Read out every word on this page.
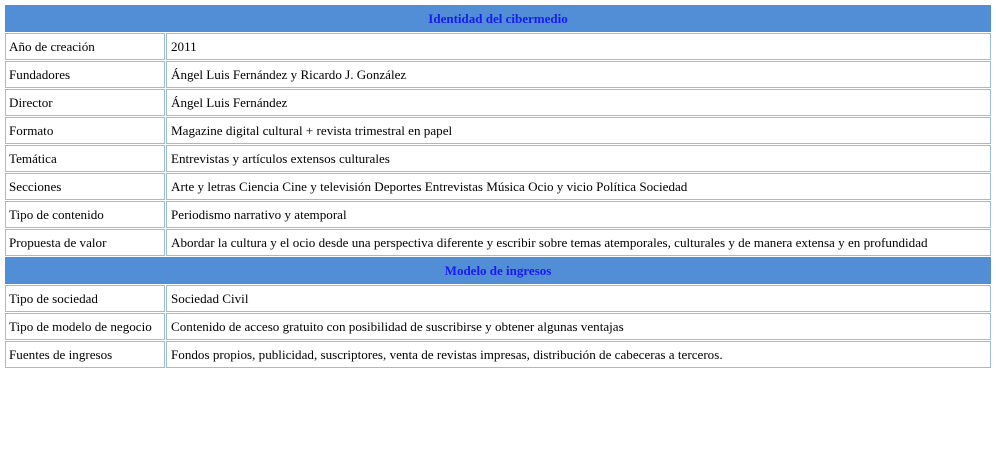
Identidad del cibermedio	
Año de creación	2011
Fundadores	Ángel Luis Fernández y Ricardo J. González
Director	Ángel Luis Fernández
Formato	Magazine digital cultural + revista trimestral en papel
Temática	Entrevistas y artículos extensos culturales
Secciones	Arte y letras Ciencia Cine y televisión Deportes Entrevistas Música Ocio y vicio Política Sociedad
Tipo de contenido	Periodismo narrativo y atemporal
Propuesta de valor	Abordar la cultura y el ocio desde una perspectiva diferente y escribir sobre temas atemporales, culturales y de manera extensa y en profundidad
Modelo de ingresos	
Tipo de sociedad	Sociedad Civil
Tipo de modelo de negocio	Contenido de acceso gratuito con posibilidad de suscribirse y obtener algunas ventajas
Fuentes de ingresos	Fondos propios, publicidad, suscriptores, venta de revistas impresas, distribución de cabeceras a terceros.
